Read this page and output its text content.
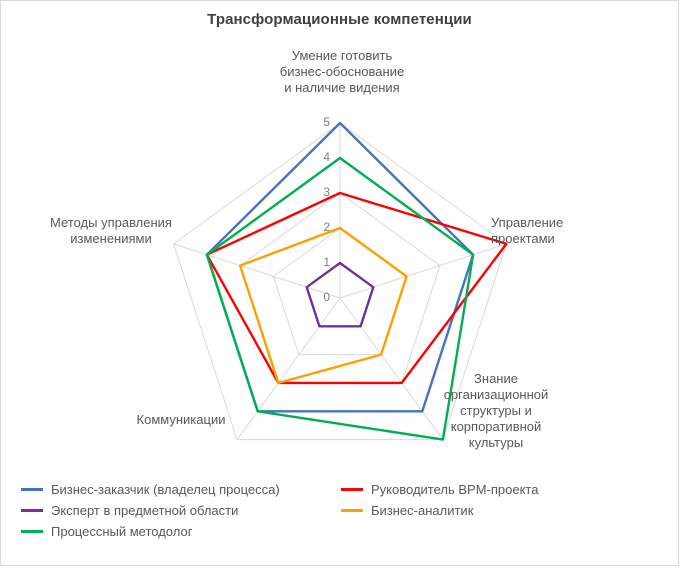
Трансформационные компетенции
5
4
3
2
1
0
Умение готовить
бизнес-обоснование
и наличие видения
Управление
проектами
Знание
организационной
структуры и
корпоративной
культуры
Коммуникации
Методы управления
изменениями
Бизнес-заказчик (владелец процесса)	Руководитель BPM-проекта
Эксперт в предметной области	Бизнес-аналитик
Процессный методолог
